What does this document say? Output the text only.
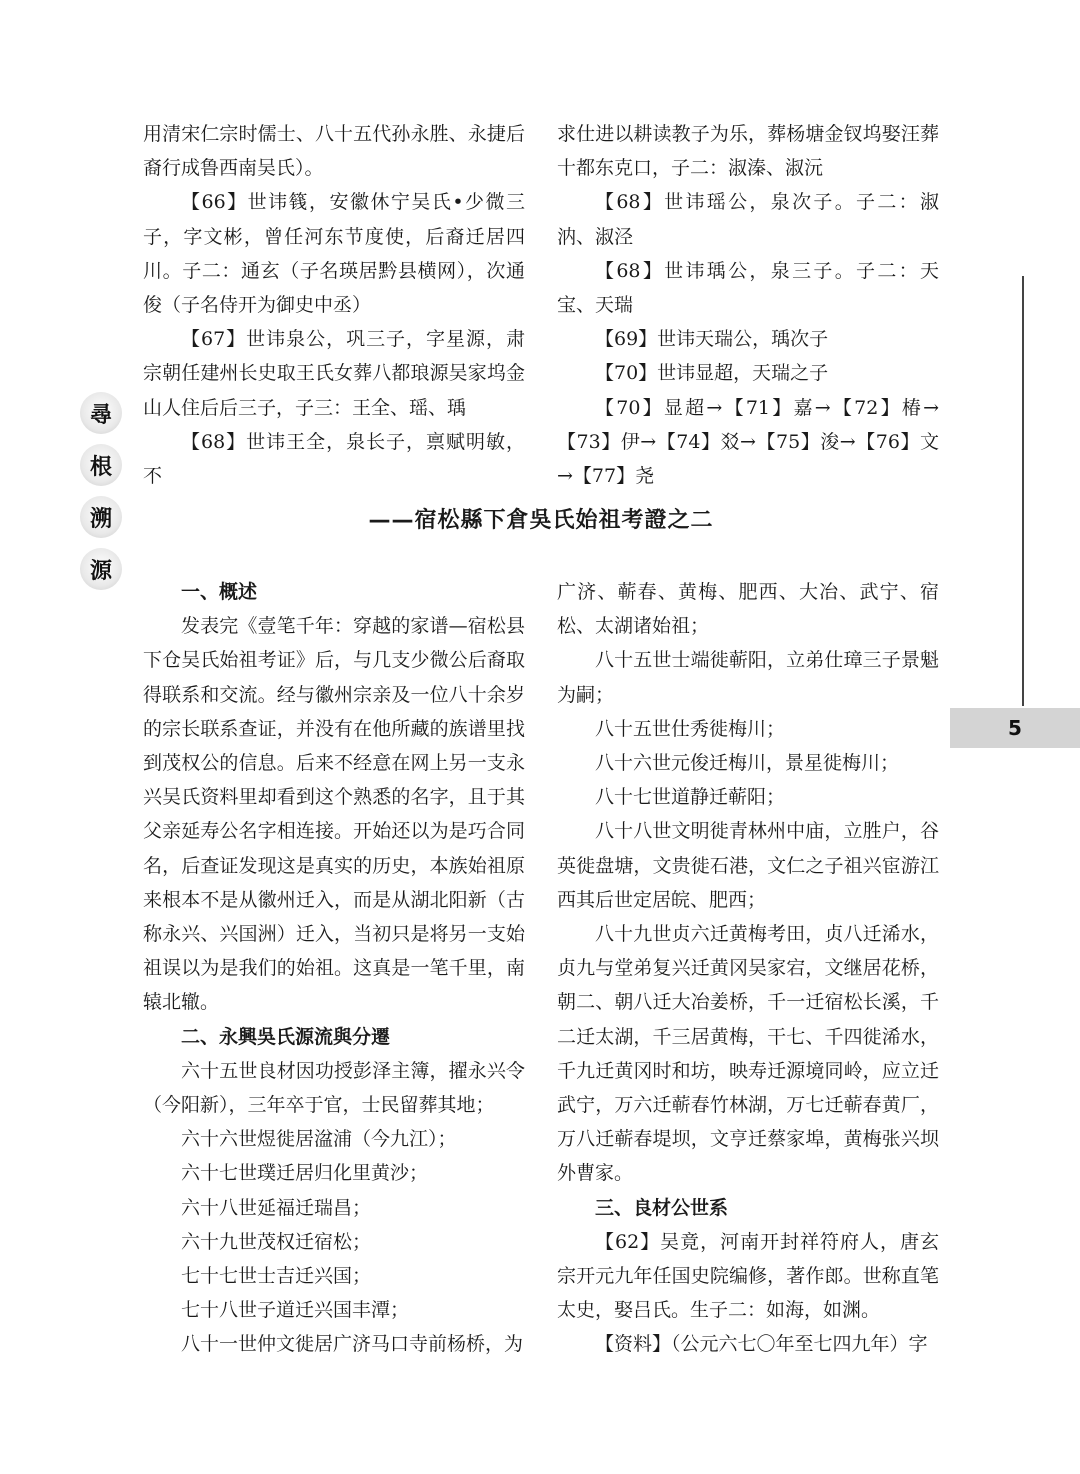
尋
根
溯
源

用清宋仁宗时儒士、八十五代孙永胜、永捷后裔行成鲁西南吴氏）。

【66】世讳篯，安徽休宁吴氏•少微三子，字文彬，曾任河东节度使，后裔迁居四川。子二：通玄（子名瑛居黔县横网），次通俊（子名侍开为御史中丞）

【67】世讳泉公，巩三子，字星源，肃宗朝任建州长史取王氏女葬八都琅源吴家坞金山人住后后三子，子三：王全、瑶、瑀

【68】世讳王全，泉长子，禀赋明敏，不

求仕进以耕读教子为乐，葬杨塘金钗坞娶汪葬十都东克口，子二：淑溱、淑沅

【68】世讳瑶公，泉次子。子二：淑汭、淑泾

【68】世讳瑀公，泉三子。子二：天宝、天瑞

【69】世讳天瑞公，瑀次子

【70】世讳显超，天瑞之子

【70】显超→【71】嘉→【72】椿→【73】伊→【74】㸚→【75】浚→【76】文→【77】尧

——宿松縣下倉吳氏始祖考證之二
5
一、概述

发表完《壹笔千年：穿越的家谱—宿松县下仓吴氏始祖考证》后，与几支少微公后裔取得联系和交流。经与徽州宗亲及一位八十余岁的宗长联系查证，并没有在他所藏的族谱里找到茂权公的信息。后来不经意在网上另一支永兴吴氏资料里却看到这个熟悉的名字，且于其父亲延寿公名字相连接。开始还以为是巧合同名，后查证发现这是真实的历史，本族始祖原来根本不是从徽州迁入，而是从湖北阳新（古称永兴、兴国洲）迁入，当初只是将另一支始祖误以为是我们的始祖。这真是一笔千里，南辕北辙。

二、永興吳氏源流與分遷

六十五世良材因功授彭泽主簿，擢永兴令（今阳新），三年卒于官，士民留葬其地；

六十六世煜徙居湓浦（今九江）；

六十七世璞迁居归化里黄沙；

六十八世延福迁瑞昌；

六十九世茂权迁宿松；

七十七世士吉迁兴国；

七十八世子道迁兴国丰潭；

八十一世仲文徙居广济马口寺前杨桥，为

广济、蕲春、黄梅、肥西、大冶、武宁、宿松、太湖诸始祖；

八十五世士端徙蕲阳，立弟仕璋三子景魁为嗣；

八十五世仕秀徙梅川；

八十六世元俊迁梅川，景星徙梅川；

八十七世道静迁蕲阳；

八十八世文明徙青林州中庙，立胜户，谷英徙盘塘，文贵徙石港，文仁之子祖兴宦游江西其后世定居皖、肥西；

八十九世贞六迁黄梅考田，贞八迁浠水，贞九与堂弟复兴迁黄冈吴家宕，文继居花桥，朝二、朝八迁大冶姜桥，千一迁宿松长溪，千二迁太湖，千三居黄梅，干七、千四徙浠水，千九迁黄冈时和坊，映寿迁源境同岭，应立迁武宁，万六迁蕲春竹林湖，万七迁蕲春黄厂，万八迁蕲春堤坝，文亨迁蔡家埠，黄梅张兴坝外曹家。

三、良材公世系

【62】吴竟，河南开封祥符府人，唐玄宗开元九年任国史院编修，著作郎。世称直笔太史，娶吕氏。生子二：如海，如渊。

【资料】（公元六七〇年至七四九年）字
